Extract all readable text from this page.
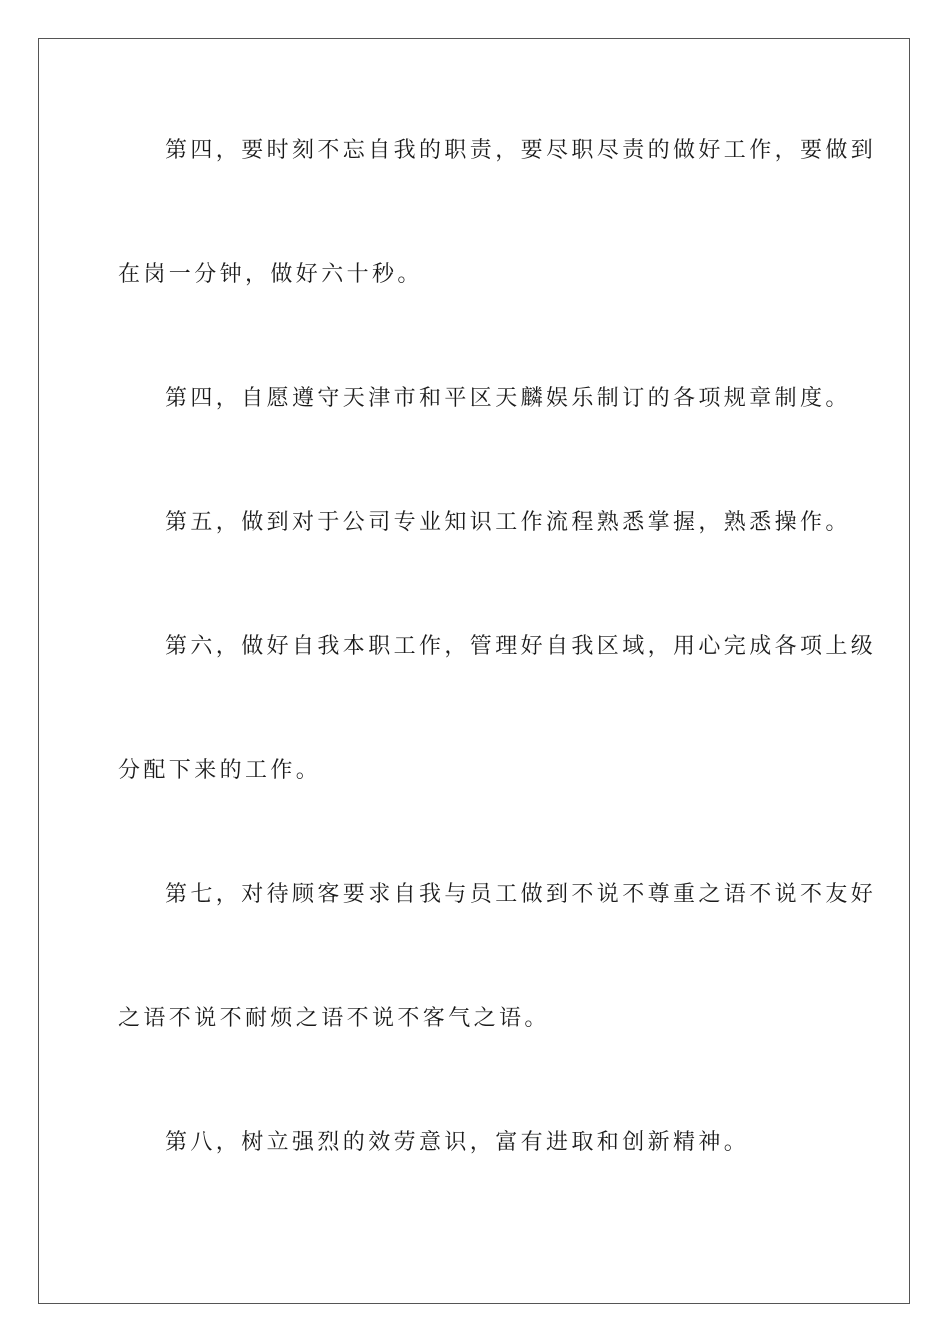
第四，要时刻不忘自我的职责，要尽职尽责的做好工作，要做到
在岗一分钟，做好六十秒。
第四，自愿遵守天津市和平区天麟娱乐制订的各项规章制度。
第五，做到对于公司专业知识工作流程熟悉掌握，熟悉操作。
第六，做好自我本职工作，管理好自我区域，用心完成各项上级
分配下来的工作。
第七，对待顾客要求自我与员工做到不说不尊重之语不说不友好
之语不说不耐烦之语不说不客气之语。
第八，树立强烈的效劳意识，富有进取和创新精神。
